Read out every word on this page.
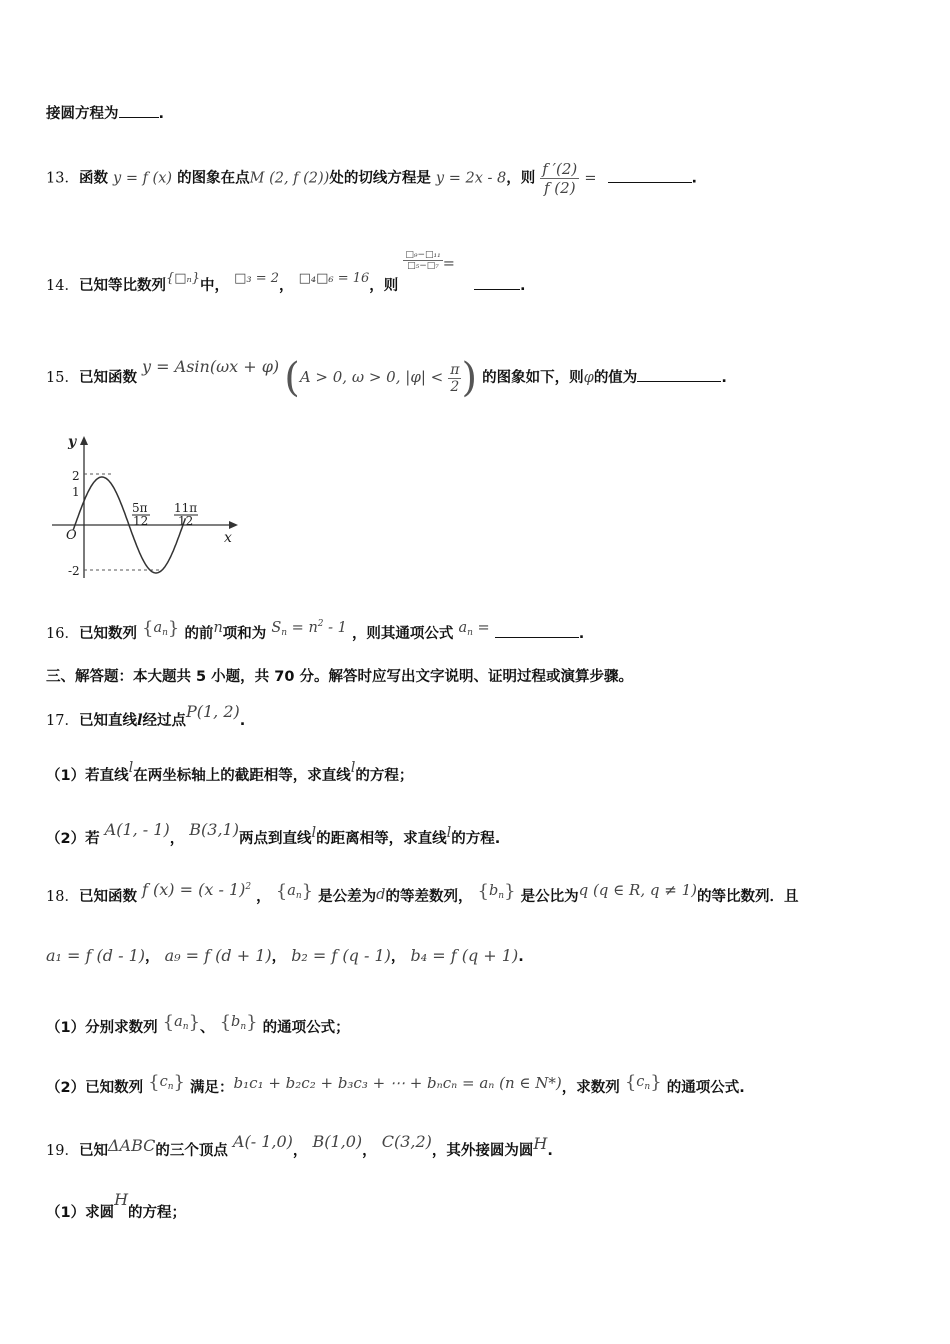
接圆方程为	.
13．函数 y = f (x) 的图象在点M (2, f (2))处的切线方程是 y = 2x - 8，则 $\frac{f '(2)}{f (2)}$ =	.
14．已知等比数列{□ₙ}中， □₃ = 2， □₄□₆ = 16，则
$\frac{\text{□₉−□₁₁}}{\text{□₅−□₇}}$ = .
15．已知函数 y = Asin(ωx + φ) (A > 0, ω > 0, $|\varphi| < \frac{\pi}{2}$ ) 的图象如下，则φ的值为	.
y
x
O
2
1
-2
5π
12
11π
12
16．已知数列 $\{a_n\}$ 的前n项和为 $S_n = n^2 - 1$ ，则其通项公式 $a_n$ =	.
三、解答题：本大题共 5 小题，共 70 分。解答时应写出文字说明、证明过程或演算步骤。
17．已知直线l经过点P(1, 2).
（1）若直线l在两坐标轴上的截距相等，求直线l的方程；
（2）若 A(1, - 1)， B(3,1)两点到直线l的距离相等，求直线l的方程.
18．已知函数 f (x) = (x - 1)$^2$ ， $\{a_n\}$ 是公差为d的等差数列， $\{b_n\}$ 是公比为q (q ∈ R, q ≠ 1)的等比数列．且
a₁ = f (d - 1)， a₉ = f (d + 1)， b₂ = f (q - 1)， b₄ = f (q + 1).
（1）分别求数列 $\{a_n\}$、 $\{b_n\}$ 的通项公式；
（2）已知数列 $\{c_n\}$ 满足：b₁c₁ + b₂c₂ + b₃c₃ + ⋯ + bₙcₙ = aₙ (n ∈ N*)，求数列 $\{c_n\}$ 的通项公式.
19．已知ΔABC的三个顶点 A(- 1,0)， B(1,0)， C(3,2)，其外接圆为圆H.
（1）求圆H的方程；
